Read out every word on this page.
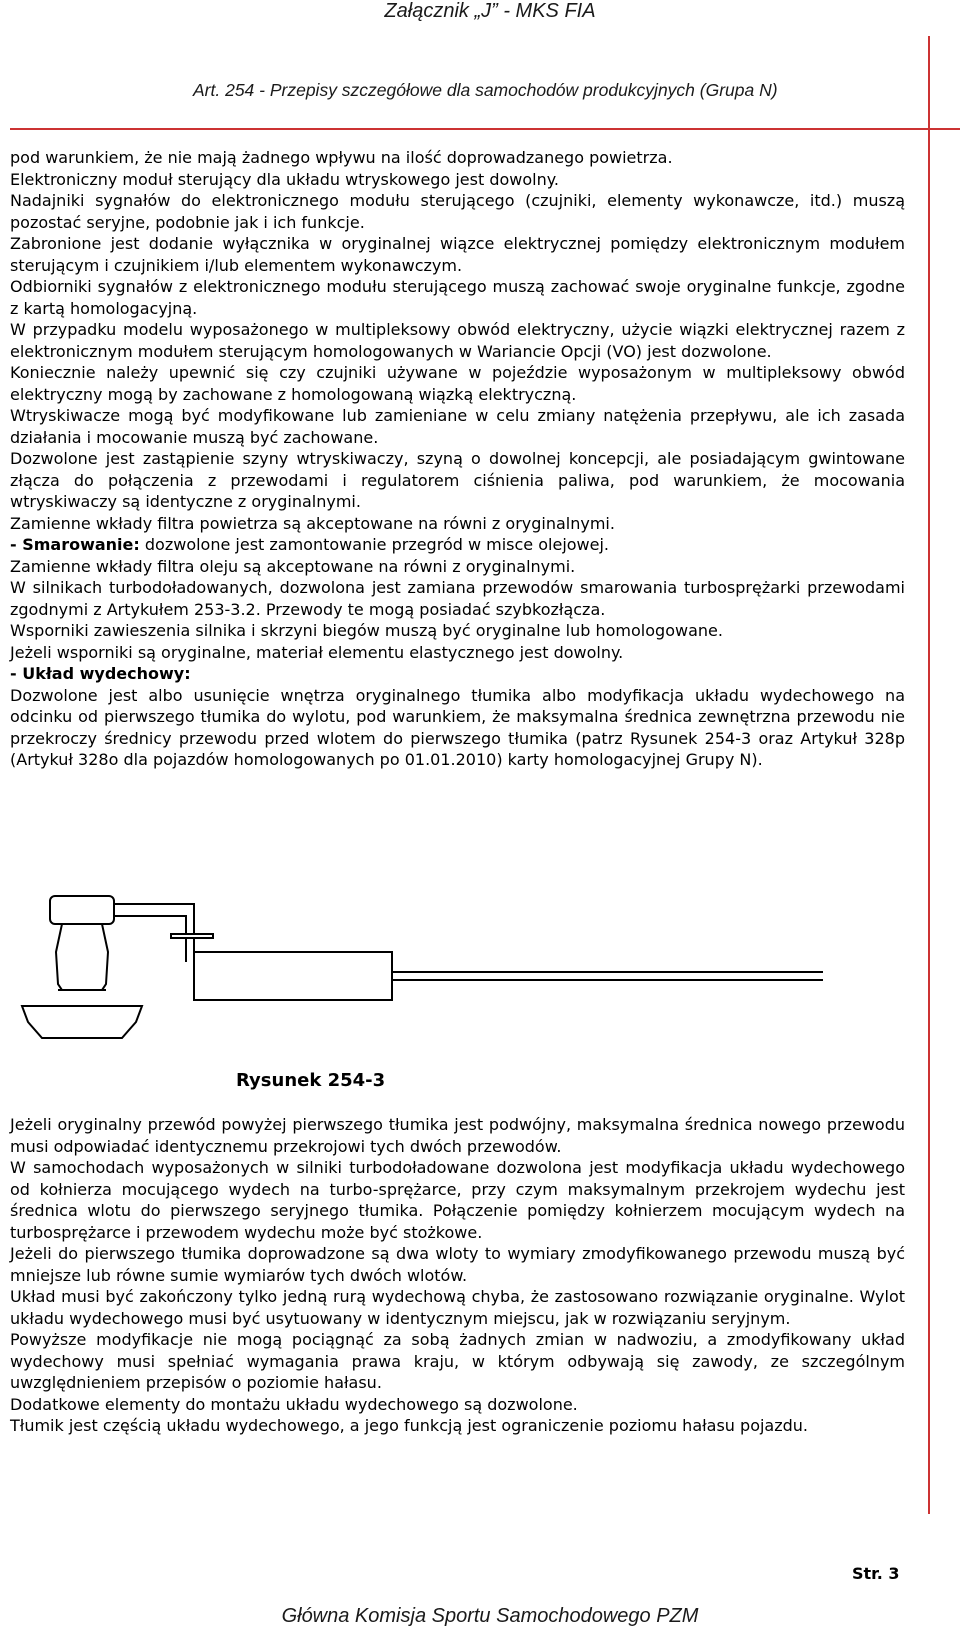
Załącznik „J” - MKS FIA
Art. 254 - Przepisy szczegółowe dla samochodów produkcyjnych (Grupa N)
pod warunkiem, że nie mają żadnego wpływu na ilość doprowadzanego powietrza.
Elektroniczny moduł sterujący dla układu wtryskowego jest dowolny.
Nadajniki sygnałów do elektronicznego modułu sterującego (czujniki, elementy wykonawcze, itd.) muszą pozostać seryjne, podobnie jak i ich funkcje.
Zabronione jest dodanie wyłącznika w oryginalnej wiązce elektrycznej pomiędzy elektronicznym modułem sterującym i czujnikiem i/lub elementem wykonawczym.
Odbiorniki sygnałów z elektronicznego modułu sterującego muszą zachować swoje oryginalne funkcje, zgodne z kartą homologacyjną.
W przypadku modelu wyposażonego w multipleksowy obwód elektryczny, użycie wiązki elektrycznej razem z elektronicznym modułem sterującym homologowanych w Wariancie Opcji (VO) jest dozwolone.
Koniecznie należy upewnić się czy czujniki używane w pojeździe wyposażonym w multipleksowy obwód elektryczny mogą by zachowane z homologowaną wiązką elektryczną.
Wtryskiwacze mogą być modyfikowane lub zamieniane w celu zmiany natężenia przepływu, ale ich zasada działania i mocowanie muszą być zachowane.
Dozwolone jest zastąpienie szyny wtryskiwaczy, szyną o dowolnej koncepcji, ale posiadającym gwintowane złącza do połączenia z przewodami i regulatorem ciśnienia paliwa, pod warunkiem, że mocowania wtryskiwaczy są identyczne z oryginalnymi.
Zamienne wkłady filtra powietrza są akceptowane na równi z oryginalnymi.
- Smarowanie: dozwolone jest zamontowanie przegród w misce olejowej.
Zamienne wkłady filtra oleju są akceptowane na równi z oryginalnymi.
W silnikach turbodoładowanych, dozwolona jest zamiana przewodów smarowania turbosprężarki przewodami zgodnymi z Artykułem 253-3.2. Przewody te mogą posiadać szybkozłącza.
Wsporniki zawieszenia silnika i skrzyni biegów muszą być oryginalne lub homologowane.
Jeżeli wsporniki są oryginalne, materiał elementu elastycznego jest dowolny.
- Układ wydechowy:
Dozwolone jest albo usunięcie wnętrza oryginalnego tłumika albo modyfikacja układu wydechowego na odcinku od pierwszego tłumika do wylotu, pod warunkiem, że maksymalna średnica zewnętrzna przewodu nie przekroczy średnicy przewodu przed wlotem do pierwszego tłumika (patrz Rysunek 254-3 oraz Artykuł 328p (Artykuł 328o dla pojazdów homologowanych po 01.01.2010) karty homologacyjnej Grupy N).
Rysunek 254-3
Jeżeli oryginalny przewód powyżej pierwszego tłumika jest podwójny, maksymalna średnica nowego przewodu musi odpowiadać identycznemu przekrojowi tych dwóch przewodów.
W samochodach wyposażonych w silniki turbodoładowane dozwolona jest modyfikacja układu wydechowego od kołnierza mocującego wydech na turbo-sprężarce, przy czym maksymalnym przekrojem wydechu jest średnica wlotu do pierwszego seryjnego tłumika. Połączenie pomiędzy kołnierzem mocującym wydech na turbosprężarce i przewodem wydechu może być stożkowe.
Jeżeli do pierwszego tłumika doprowadzone są dwa wloty to wymiary zmodyfikowanego przewodu muszą być mniejsze lub równe sumie wymiarów tych dwóch wlotów.
Układ musi być zakończony tylko jedną rurą wydechową chyba, że zastosowano rozwiązanie oryginalne. Wylot układu wydechowego musi być usytuowany w identycznym miejscu, jak w rozwiązaniu seryjnym.
Powyższe modyfikacje nie mogą pociągnąć za sobą żadnych zmian w nadwoziu, a zmodyfikowany układ wydechowy musi spełniać wymagania prawa kraju, w którym odbywają się zawody, ze szczególnym uwzględnieniem przepisów o poziomie hałasu.
Dodatkowe elementy do montażu układu wydechowego są dozwolone.
Tłumik jest częścią układu wydechowego, a jego funkcją jest ograniczenie poziomu hałasu pojazdu.
Str. 3
Główna Komisja Sportu Samochodowego PZM
